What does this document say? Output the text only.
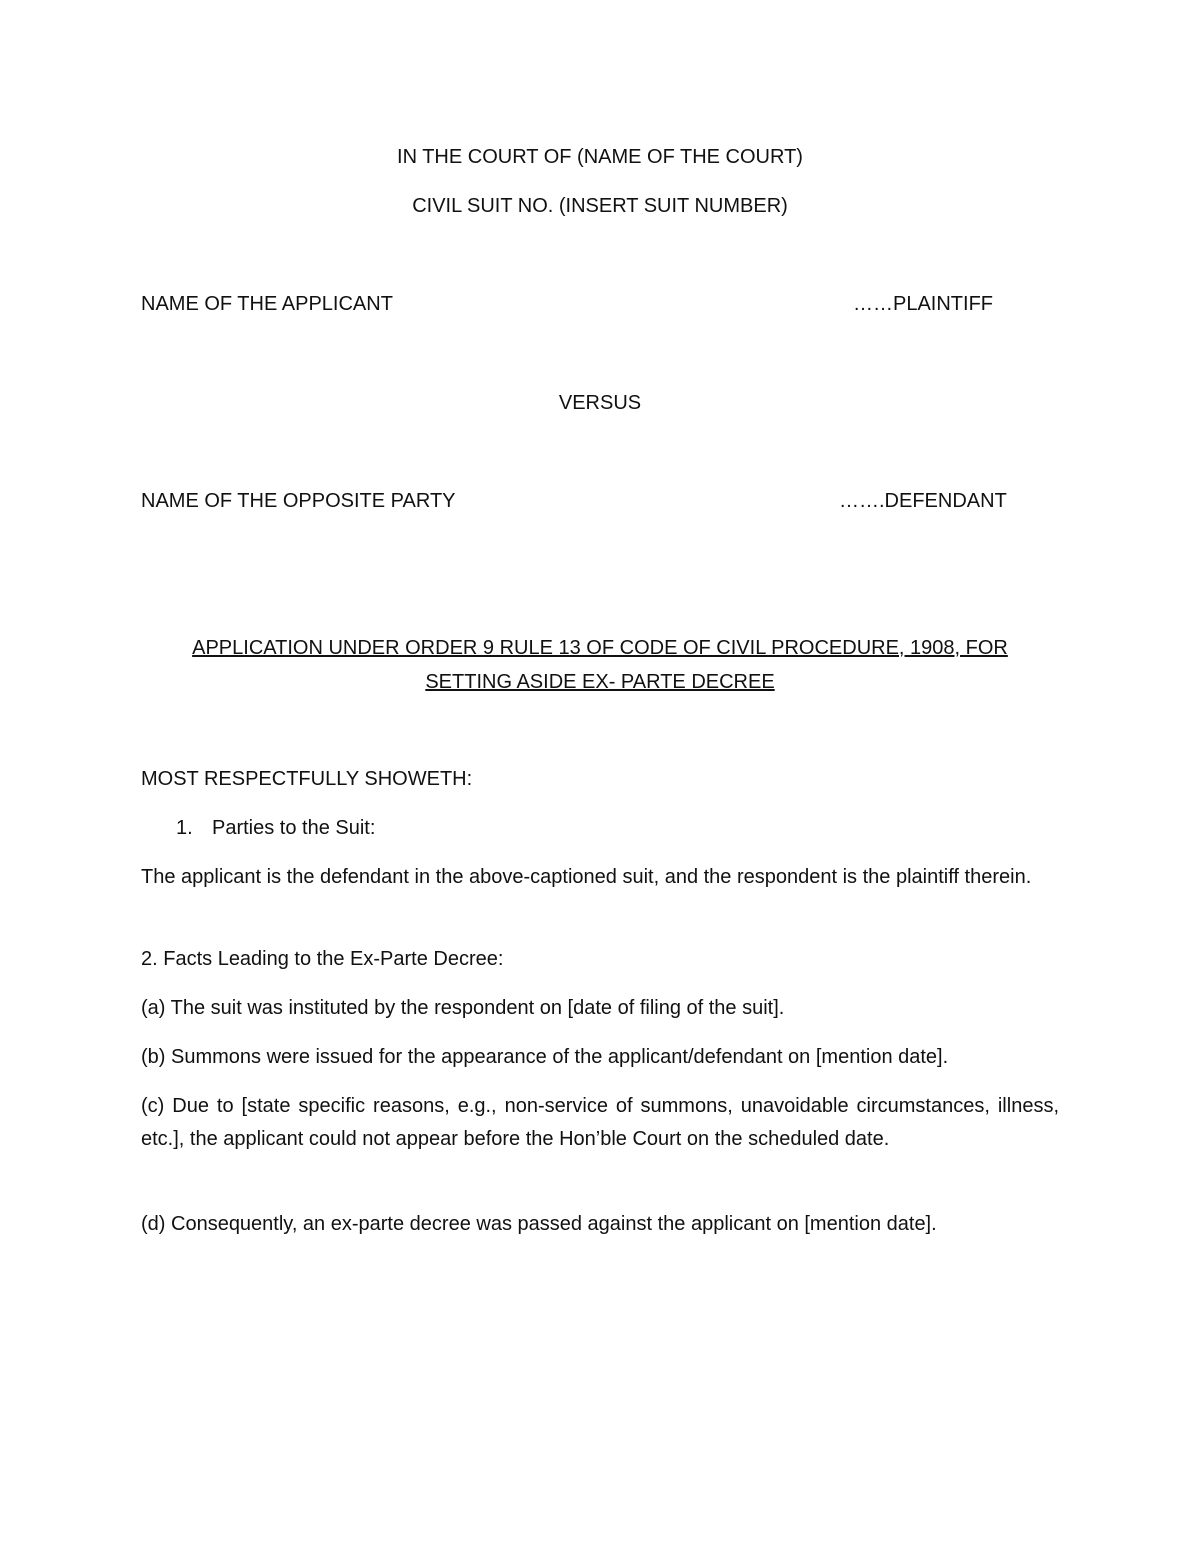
IN THE COURT OF (NAME OF THE COURT)
CIVIL SUIT NO. (INSERT SUIT NUMBER)
NAME OF THE APPLICANT	……PLAINTIFF
VERSUS
NAME OF THE OPPOSITE PARTY	…….DEFENDANT
APPLICATION UNDER ORDER 9 RULE 13 OF CODE OF CIVIL PROCEDURE, 1908, FOR
SETTING ASIDE EX- PARTE DECREE
MOST RESPECTFULLY SHOWETH:
1. Parties to the Suit:
The applicant is the defendant in the above-captioned suit, and the respondent is the plaintiff therein.
2. Facts Leading to the Ex-Parte Decree:
(a) The suit was instituted by the respondent on [date of filing of the suit].
(b) Summons were issued for the appearance of the applicant/defendant on [mention date].
(c) Due to [state specific reasons, e.g., non-service of summons, unavoidable circumstances, illness, etc.], the applicant could not appear before the Hon’ble Court on the scheduled date.
(d) Consequently, an ex-parte decree was passed against the applicant on [mention date].
